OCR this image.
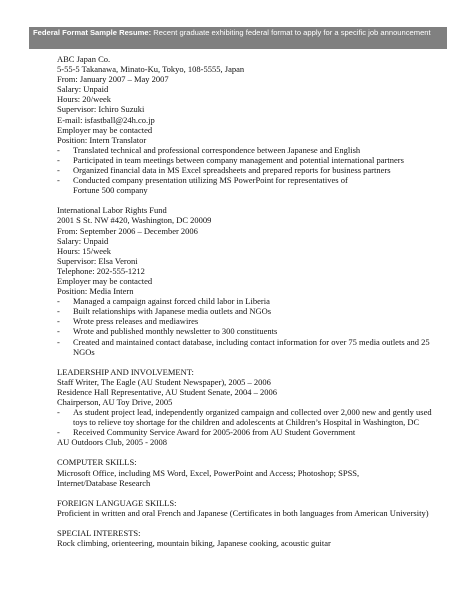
Federal Format Sample Resume: Recent graduate exhibiting federal format to apply for a specific job announcement
ABC Japan Co.
5-55-5 Takanawa, Minato-Ku, Tokyo, 108-5555, Japan
From: January 2007 – May 2007
Salary: Unpaid
Hours: 20/week
Supervisor: Ichiro Suzuki
E-mail: isfastball@24h.co.jp
Employer may be contacted
Position: Intern Translator
- Translated technical and professional correspondence between Japanese and English
- Participated in team meetings between company management and potential international partners
- Organized financial data in MS Excel spreadsheets and prepared reports for business partners
- Conducted company presentation utilizing MS PowerPoint for representatives of Fortune 500 company
International Labor Rights Fund
2001 S St. NW #420, Washington, DC 20009
From: September 2006 – December 2006
Salary: Unpaid
Hours: 15/week
Supervisor: Elsa Veroni
Telephone: 202-555-1212
Employer may be contacted
Position: Media Intern
- Managed a campaign against forced child labor in Liberia
- Built relationships with Japanese media outlets and NGOs
- Wrote press releases and mediawires
- Wrote and published monthly newsletter to 300 constituents
- Created and maintained contact database, including contact information for over 75 media outlets and 25 NGOs
LEADERSHIP AND INVOLVEMENT:
Staff Writer, The Eagle (AU Student Newspaper), 2005 – 2006
Residence Hall Representative, AU Student Senate, 2004 – 2006
Chairperson, AU Toy Drive, 2005
- As student project lead, independently organized campaign and collected over 2,000 new and gently used toys to relieve toy shortage for the children and adolescents at Children’s Hospital in Washington, DC
- Received Community Service Award for 2005-2006 from AU Student Government
AU Outdoors Club, 2005 - 2008
COMPUTER SKILLS:
Microsoft Office, including MS Word, Excel, PowerPoint and Access; Photoshop; SPSS, Internet/Database Research
FOREIGN LANGUAGE SKILLS:
Proficient in written and oral French and Japanese (Certificates in both languages from American University)
SPECIAL INTERESTS:
Rock climbing, orienteering, mountain biking, Japanese cooking, acoustic guitar
